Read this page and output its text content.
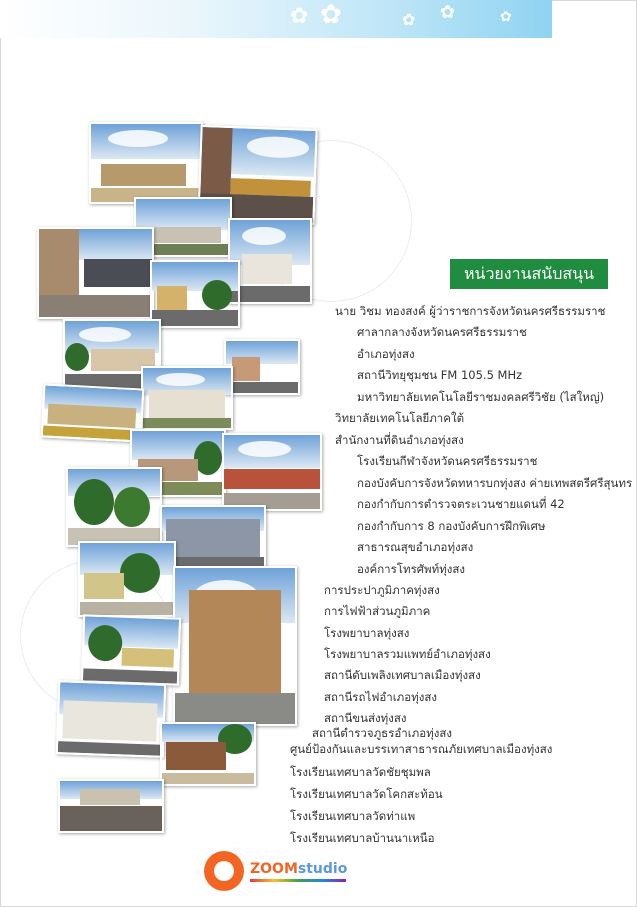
✿ ✿	✿ ✿	✿
หน่วยงานสนับสนุน
นาย วิชม ทองสงค์ ผู้ว่าราชการจังหวัดนครศรีธรรมราช
ศาลากลางจังหวัดนครศรีธรรมราช
อำเภอทุ่งสง
สถานีวิทยุชุมชน FM 105.5 MHz
มหาวิทยาลัยเทคโนโลยีราชมงคลศรีวิชัย (ไสใหญ่)
วิทยาลัยเทคโนโลยีภาคใต้
สำนักงานที่ดินอำเภอทุ่งสง
โรงเรียนกีฬาจังหวัดนครศรีธรรมราช
กองบังคับการจังหวัดทหารบกทุ่งสง ค่ายเทพสตรีศรีสุนทร
กองกำกับการตำรวจตระเวนชายแดนที่ 42
กองกำกับการ 8 กองบังคับการฝึกพิเศษ
สาธารณสุขอำเภอทุ่งสง
องค์การโทรศัพท์ทุ่งสง
การประปาภูมิภาคทุ่งสง
การไฟฟ้าส่วนภูมิภาค
โรงพยาบาลทุ่งสง
โรงพยาบาลรวมแพทย์อำเภอทุ่งสง
สถานีดับเพลิงเทศบาลเมืองทุ่งสง
สถานีรถไฟอำเภอทุ่งสง
สถานีขนส่งทุ่งสง
สถานีตำรวจภูธรอำเภอทุ่งสง
ศูนย์ป้องกันและบรรเทาสาธารณภัยเทศบาลเมืองทุ่งสง
โรงเรียนเทศบาลวัดชัยชุมพล
โรงเรียนเทศบาลวัดโคกสะท้อน
โรงเรียนเทศบาลวัดท่าแพ
โรงเรียนเทศบาลบ้านนาเหนือ
ZOOMstudio
